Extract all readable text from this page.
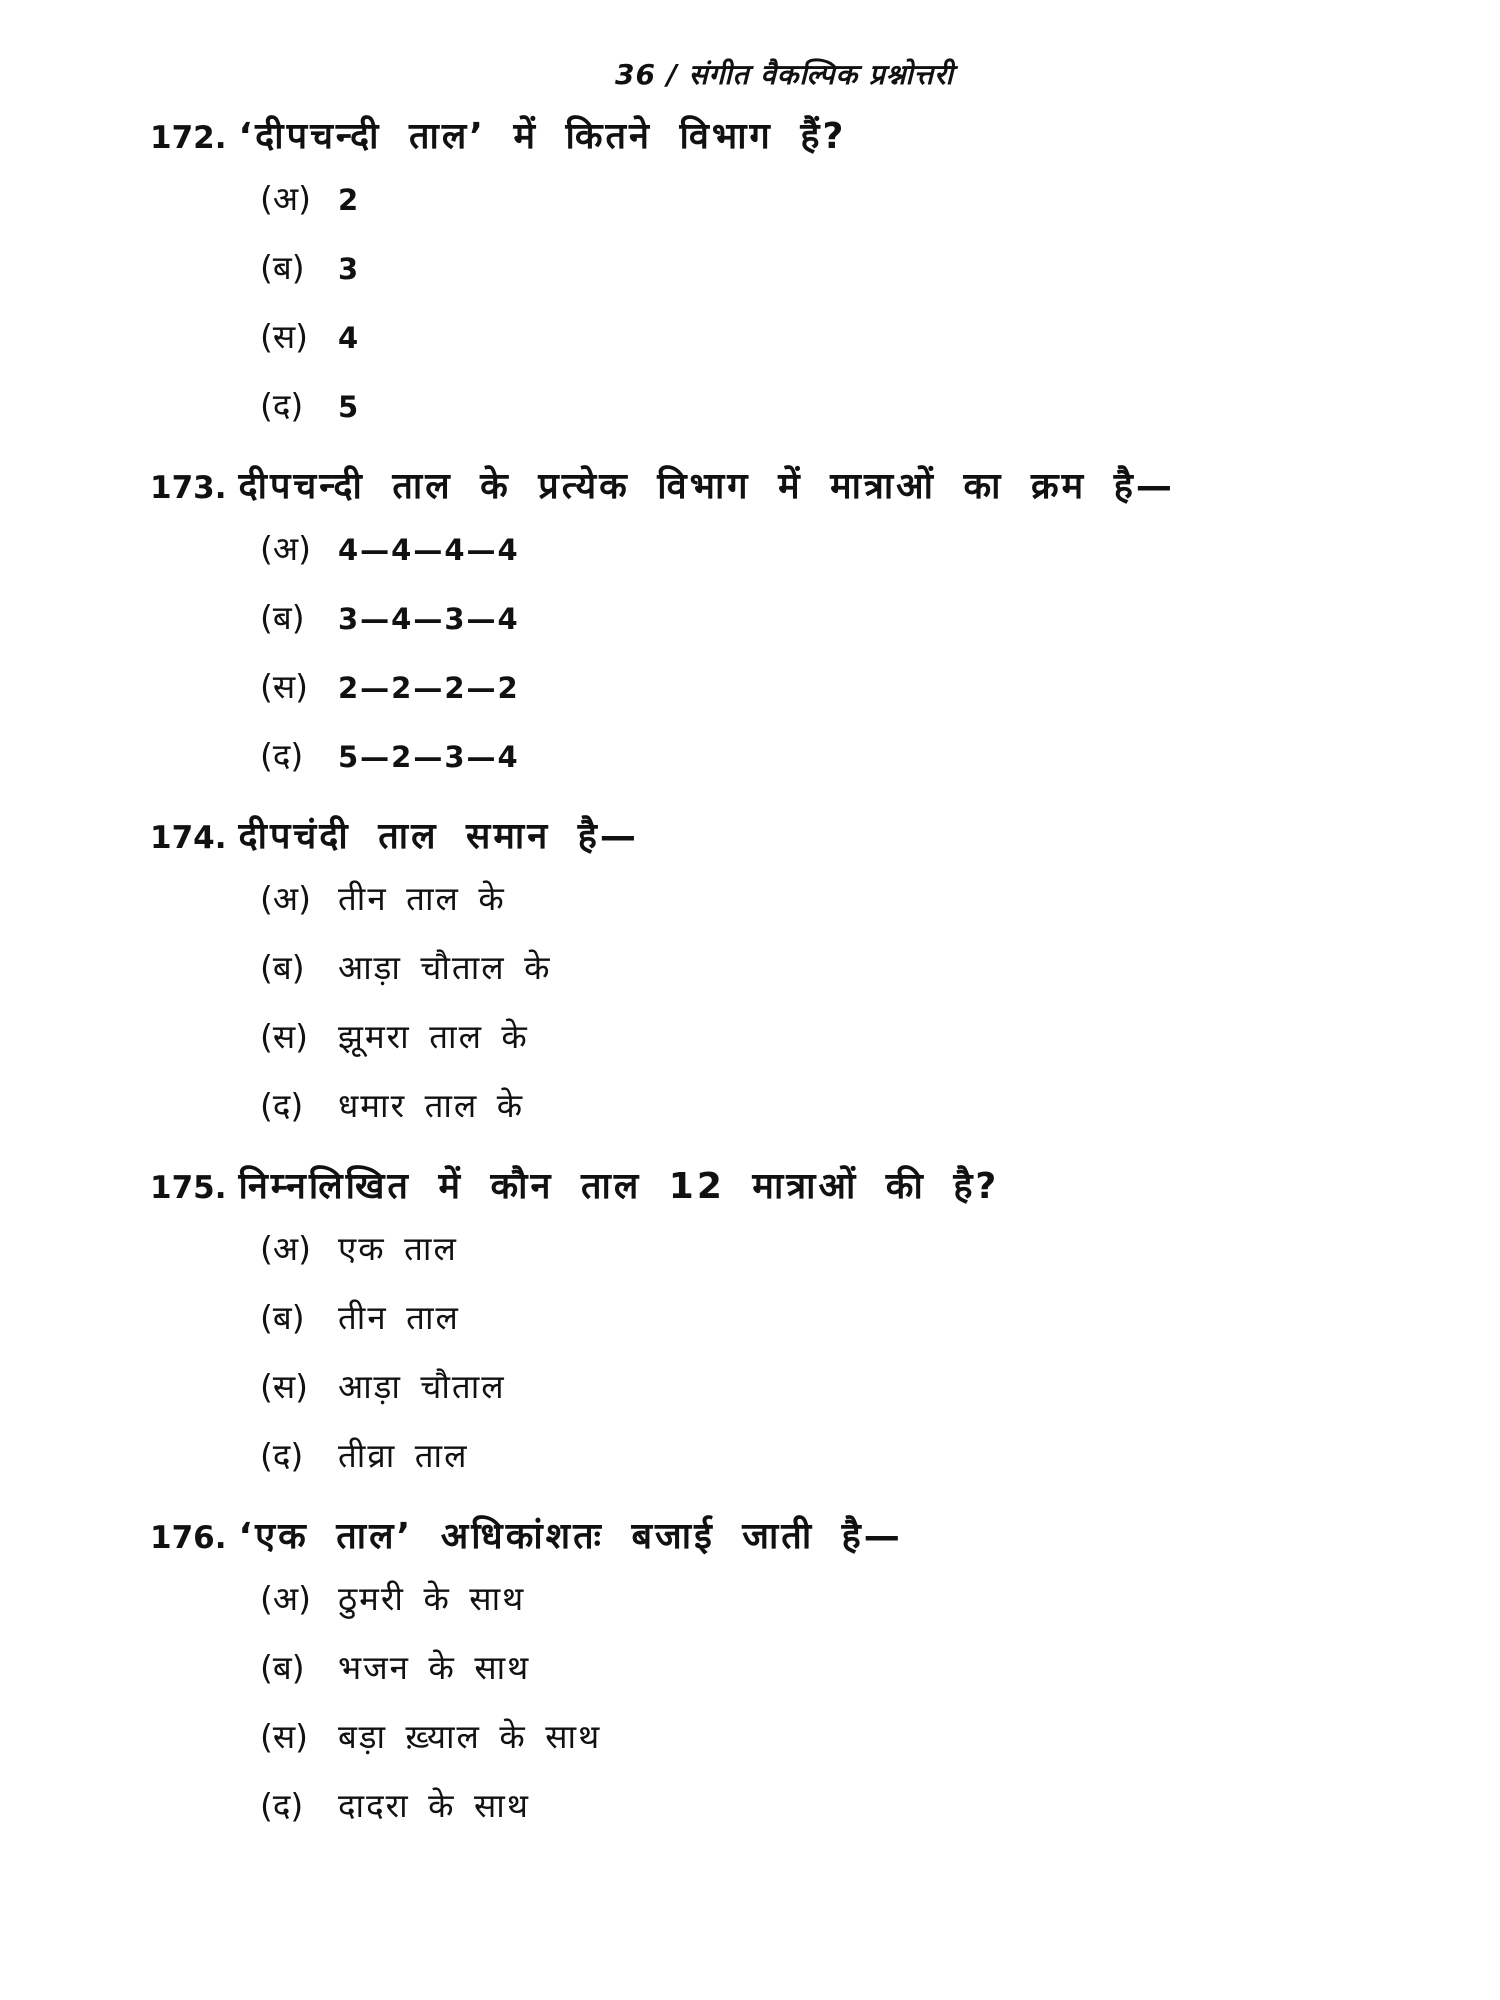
36 / संगीत वैकल्पिक प्रश्नोत्तरी
172. ‘दीपचन्दी ताल’ में कितने विभाग हैं?
(अ) 2
(ब)	3
(स)	4
(द)	5
173. दीपचन्दी ताल के प्रत्येक विभाग में मात्राओं का क्रम है—
(अ) 4—4—4—4
(ब)	3—4—3—4
(स)	2—2—2—2
(द)	5—2—3—4
174. दीपचंदी ताल समान है—
(अ) तीन ताल के
(ब)	आड़ा चौताल के
(स) झूमरा ताल के
(द)	धमार ताल के
175. निम्नलिखित में कौन ताल 12 मात्राओं की है?
(अ) एक ताल
(ब)	तीन ताल
(स) आड़ा चौताल
(द)	तीव्रा ताल
176. ‘एक ताल’ अधिकांशतः बजाई जाती है—
(अ) ठुमरी के साथ
(ब)	भजन के साथ
(स) बड़ा ख़्याल के साथ
(द)	दादरा के साथ
